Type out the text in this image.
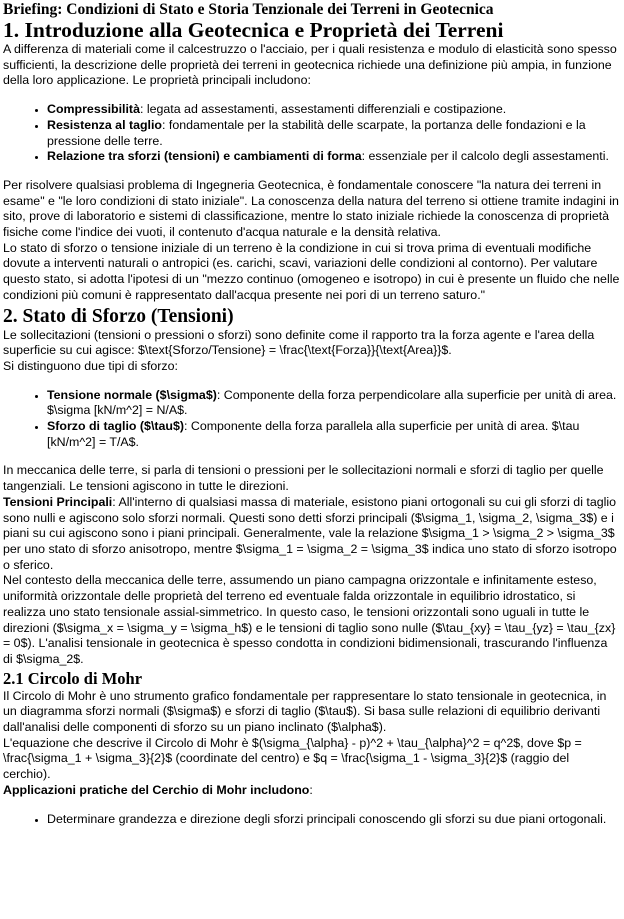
Briefing: Condizioni di Stato e Storia Tenzionale dei Terreni in Geotecnica
1. Introduzione alla Geotecnica e Proprietà dei Terreni

A differenza di materiali come il calcestruzzo o l'acciaio, per i quali resistenza e modulo di elasticità sono spesso sufficienti, la descrizione delle proprietà dei terreni in geotecnica richiede una definizione più ampia, in funzione della loro applicazione. Le proprietà principali includono:

• Compressibilità: legata ad assestamenti, assestamenti differenziali e costipazione.
• Resistenza al taglio: fondamentale per la stabilità delle scarpate, la portanza delle fondazioni e la pressione delle terre.
• Relazione tra sforzi (tensioni) e cambiamenti di forma: essenziale per il calcolo degli assestamenti.

Per risolvere qualsiasi problema di Ingegneria Geotecnica, è fondamentale conoscere "la natura dei terreni in esame" e "le loro condizioni di stato iniziale". La conoscenza della natura del terreno si ottiene tramite indagini in sito, prove di laboratorio e sistemi di classificazione, mentre lo stato iniziale richiede la conoscenza di proprietà fisiche come l'indice dei vuoti, il contenuto d'acqua naturale e la densità relativa.

Lo stato di sforzo o tensione iniziale di un terreno è la condizione in cui si trova prima di eventuali modifiche dovute a interventi naturali o antropici (es. carichi, scavi, variazioni delle condizioni al contorno). Per valutare questo stato, si adotta l'ipotesi di un "mezzo continuo (omogeneo e isotropo) in cui è presente un fluido che nelle condizioni più comuni è rappresentato dall'acqua presente nei pori di un terreno saturo."

2. Stato di Sforzo (Tensioni)

Le sollecitazioni (tensioni o pressioni o sforzi) sono definite come il rapporto tra la forza agente e l'area della superficie su cui agisce: $\text{Sforzo/Tensione} = \frac{\text{Forza}}{\text{Area}}$.

Si distinguono due tipi di sforzo:

• Tensione normale ($\sigma$): Componente della forza perpendicolare alla superficie per unità di area. $\sigma [kN/m^2] = N/A$.
• Sforzo di taglio ($\tau$): Componente della forza parallela alla superficie per unità di area. $\tau [kN/m^2] = T/A$.

In meccanica delle terre, si parla di tensioni o pressioni per le sollecitazioni normali e sforzi di taglio per quelle tangenziali. Le tensioni agiscono in tutte le direzioni.

Tensioni Principali: All'interno di qualsiasi massa di materiale, esistono piani ortogonali su cui gli sforzi di taglio sono nulli e agiscono solo sforzi normali. Questi sono detti sforzi principali ($\sigma_1, \sigma_2, \sigma_3$) e i piani su cui agiscono sono i piani principali. Generalmente, vale la relazione $\sigma_1 > \sigma_2 > \sigma_3$ per uno stato di sforzo anisotropo, mentre $\sigma_1 = \sigma_2 = \sigma_3$ indica uno stato di sforzo isotropo o sferico.

Nel contesto della meccanica delle terre, assumendo un piano campagna orizzontale e infinitamente esteso, uniformità orizzontale delle proprietà del terreno ed eventuale falda orizzontale in equilibrio idrostatico, si realizza uno stato tensionale assial-simmetrico. In questo caso, le tensioni orizzontali sono uguali in tutte le direzioni ($\sigma_x = \sigma_y = \sigma_h$) e le tensioni di taglio sono nulle ($\tau_{xy} = \tau_{yz} = \tau_{zx} = 0$). L'analisi tensionale in geotecnica è spesso condotta in condizioni bidimensionali, trascurando l'influenza di $\sigma_2$.

2.1 Circolo di Mohr

Il Circolo di Mohr è uno strumento grafico fondamentale per rappresentare lo stato tensionale in geotecnica, in un diagramma sforzi normali ($\sigma$) e sforzi di taglio ($\tau$). Si basa sulle relazioni di equilibrio derivanti dall'analisi delle componenti di sforzo su un piano inclinato ($\alpha$).

L'equazione che descrive il Circolo di Mohr è $(\sigma_{\alpha} - p)^2 + \tau_{\alpha}^2 = q^2$, dove $p = \frac{\sigma_1 + \sigma_3}{2}$ (coordinate del centro) e $q = \frac{\sigma_1 - \sigma_3}{2}$ (raggio del cerchio).

Applicazioni pratiche del Cerchio di Mohr includono:

• Determinare grandezza e direzione degli sforzi principali conoscendo gli sforzi su due piani ortogonali.
